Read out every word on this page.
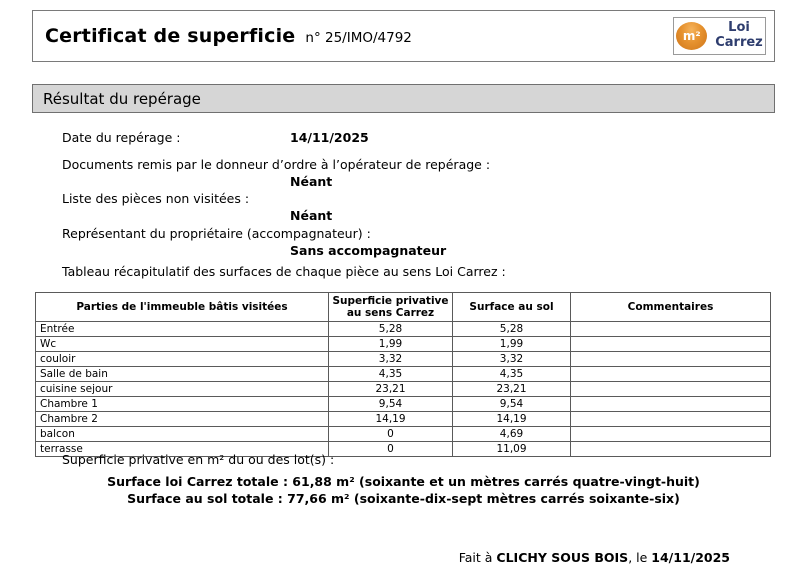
Certificat de superficie n° 25/IMO/4792	m²
Loi
Carrez
Résultat du repérage
Date du repérage :	14/11/2025
Documents remis par le donneur d’ordre à l’opérateur de repérage :
Néant
Liste des pièces non visitées :
Néant
Représentant du propriétaire (accompagnateur) :
Sans accompagnateur
Tableau récapitulatif des surfaces de chaque pièce au sens Loi Carrez :
Parties de l'immeuble bâtis visitées	Superficie privative au sens Carrez	Surface au sol	Commentaires
Entrée	5,28	5,28	
Wc	1,99	1,99	
couloir	3,32	3,32	
Salle de bain	4,35	4,35	
cuisine sejour	23,21	23,21	
Chambre 1	9,54	9,54	
Chambre 2	14,19	14,19	
balcon	0	4,69	
terrasse	0	11,09	
Superficie privative en m² du ou des lot(s) :
Surface loi Carrez totale : 61,88 m² (soixante et un mètres carrés quatre-vingt-huit)
Surface au sol totale : 77,66 m² (soixante-dix-sept mètres carrés soixante-six)
Fait à CLICHY SOUS BOIS, le 14/11/2025
